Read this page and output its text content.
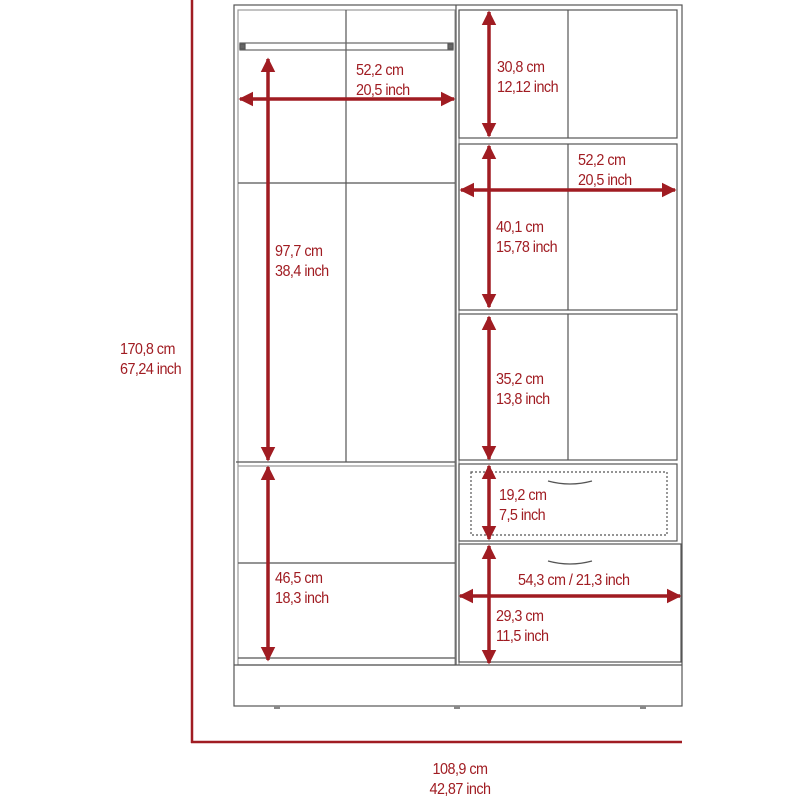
170,8 cm
67,24 inch
108,9 cm
42,87 inch
52,2 cm
20,5 inch
52,2 cm
20,5 inch
30,8 cm
12,12 inch
97,7 cm
38,4 inch
40,1 cm
15,78 inch
35,2 cm
13,8 inch
19,2 cm
7,5 inch
46,5 cm
18,3 inch
54,3 cm / 21,3 inch
29,3 cm
11,5 inch
